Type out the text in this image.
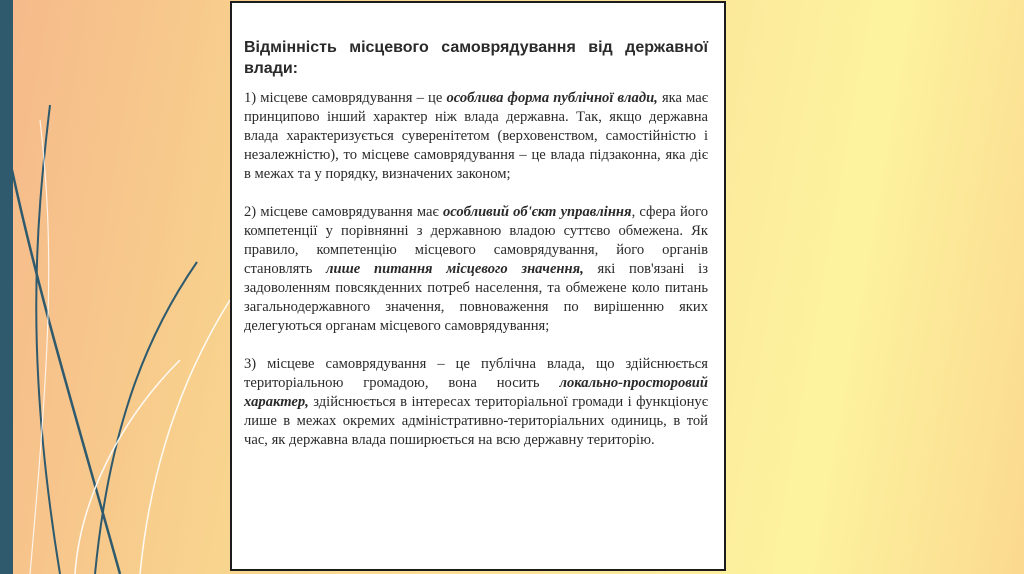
Відмінність місцевого самоврядування від державної влади:

1) місцеве самоврядування – це особлива форма публічної влади, яка має принципово інший характер ніж влада державна. Так, якщо державна влада характеризується суверенітетом (верховенством, самостійністю і незалежністю), то місцеве самоврядування – це влада підзаконна, яка діє в межах та у порядку, визначених законом;

2) місцеве самоврядування має особливий об'єкт управління, сфера його компетенції у порівнянні з державною владою суттєво обмежена. Як правило, компетенцію місцевого самоврядування, його органів становлять лише питання місцевого значення, які пов'язані із задоволенням повсякденних потреб населення, та обмежене коло питань загальнодержавного значення, повноваження по вирішенню яких делегуються органам місцевого самоврядування;

3) місцеве самоврядування – це публічна влада, що здійснюється територіальною громадою, вона носить локально-просторовий характер, здійснюється в інтересах територіальної громади і функціонує лише в межах окремих адміністративно-територіальних одиниць, в той час, як державна влада поширюється на всю державну територію.
